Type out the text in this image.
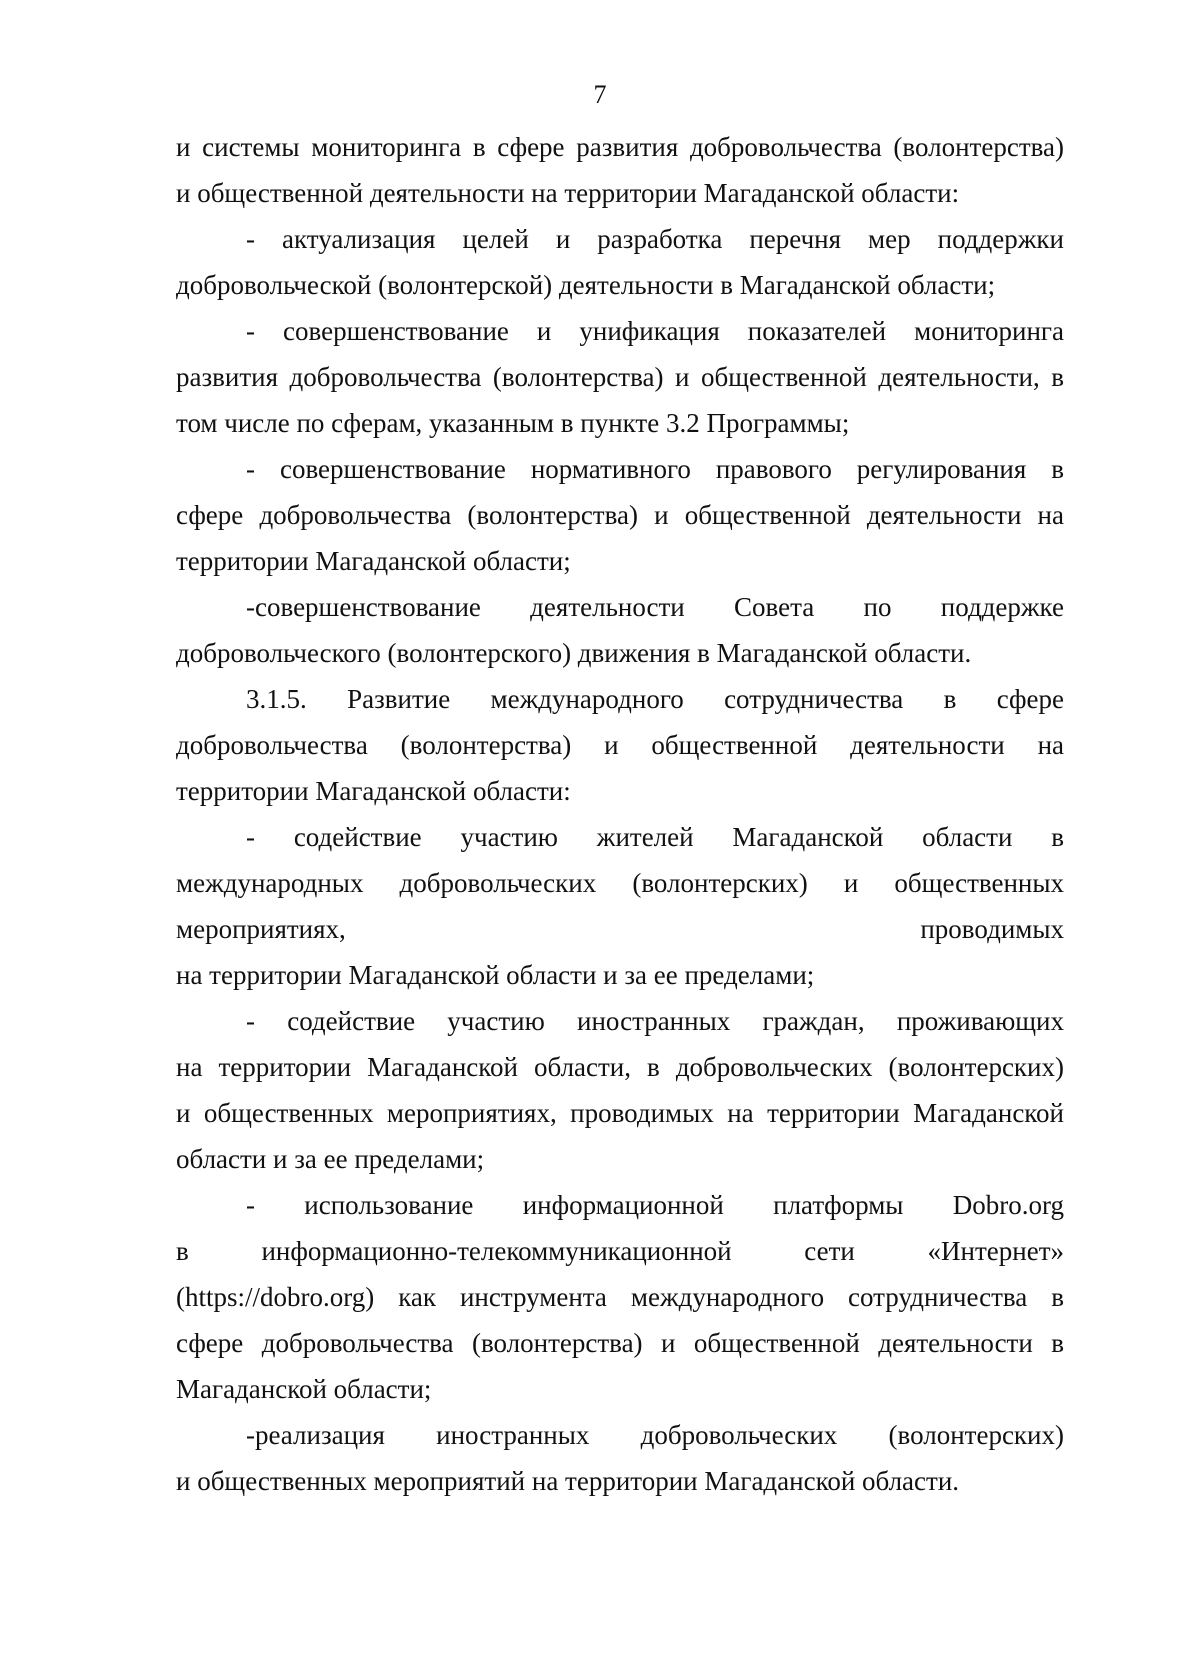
7
и системы мониторинга в сфере развития добровольчества (волонтерства)
и общественной деятельности на территории Магаданской области:
- актуализация целей и разработка перечня мер поддержки
добровольческой (волонтерской) деятельности в Магаданской области;
- совершенствование и унификация показателей мониторинга
развития добровольчества (волонтерства) и общественной деятельности, в
том числе по сферам, указанным в пункте 3.2 Программы;
- совершенствование нормативного правового регулирования в
сфере добровольчества (волонтерства) и общественной деятельности на
территории Магаданской области;
-совершенствование деятельности Совета по поддержке
добровольческого (волонтерского) движения в Магаданской области.
3.1.5. Развитие международного сотрудничества в сфере
добровольчества (волонтерства) и общественной деятельности на
территории Магаданской области:
- содействие участию жителей Магаданской области в
международных добровольческих (волонтерских) и общественных
мероприятиях, проводимых
на территории Магаданской области и за ее пределами;
- содействие участию иностранных граждан, проживающих
на территории Магаданской области, в добровольческих (волонтерских)
и общественных мероприятиях, проводимых на территории Магаданской
области и за ее пределами;
- использование информационной платформы Dobro.org
в информационно-телекоммуникационной сети «Интернет»
(https://dobro.org) как инструмента международного сотрудничества в
сфере добровольчества (волонтерства) и общественной деятельности в
Магаданской области;
-реализация иностранных добровольческих (волонтерских)
и общественных мероприятий на территории Магаданской области.
